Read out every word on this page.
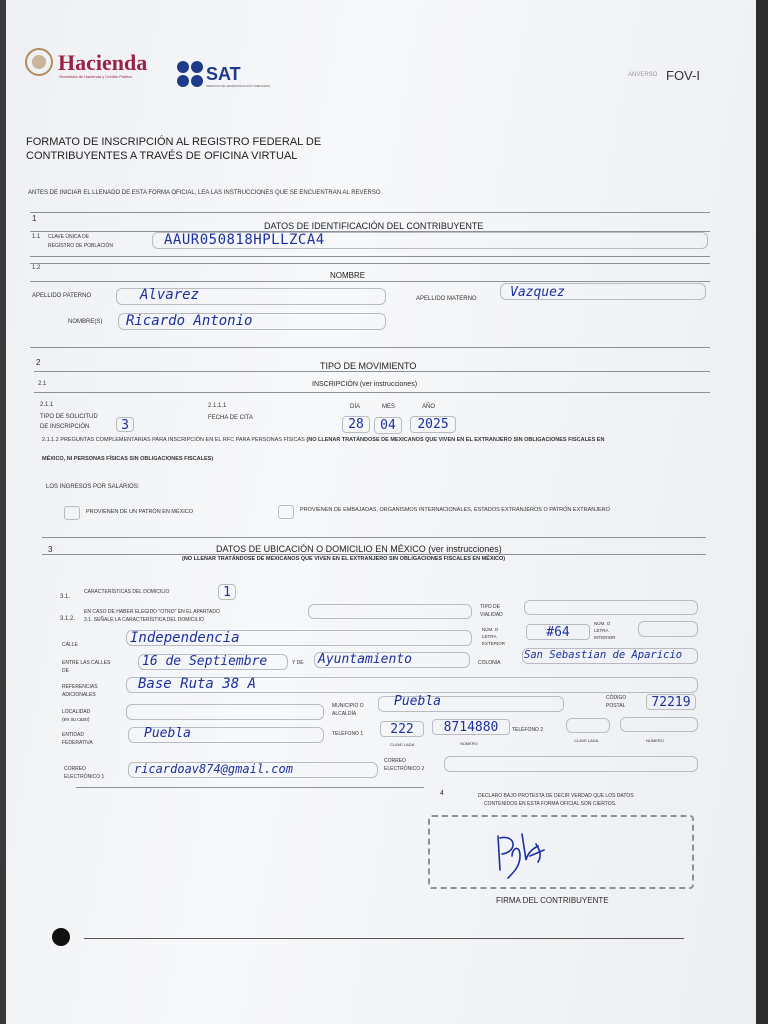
Hacienda
Secretaría de Hacienda y Crédito Público	SAT
SERVICIO DE ADMINISTRACIÓN TRIBUTARIA
ANVERSO FOV-I
FORMATO DE INSCRIPCIÓN AL REGISTRO FEDERAL DE
CONTRIBUYENTES A TRAVÉS DE OFICINA VIRTUAL
ANTES DE INICIAR EL LLENADO DE ESTA FORMA OFICIAL, LEA LAS INSTRUCCIONES QUE SE ENCUENTRAN AL REVERSO
1
DATOS DE IDENTIFICACIÓN DEL CONTRIBUYENTE
1.1 CLAVE ÚNICA DE
REGISTRO DE POBLACIÓN	AAUR050818HPLLZCA4
1.2
NOMBRE
APELLIDO PATERNO	Alvarez	APELLIDO MATERNO	Vazquez
NOMBRE(S) Ricardo Antonio
2	TIPO DE MOVIMIENTO
2.1	INSCRIPCIÓN (ver instrucciones)
2.1.1
TIPO DE SOLICITUD
DE INSCRIPCIÓN	3
2.1.1.1
FECHA DE CITA
DÍA	MES	AÑO
28	04	2025
2.1.1.2 PREGUNTAS COMPLEMENTARIAS PARA INSCRIPCIÓN EN EL RFC PARA PERSONAS FÍSICAS (NO LLENAR TRATÁNDOSE DE MEXICANOS QUE VIVEN EN EL EXTRANJERO SIN OBLIGACIONES FISCALES EN
MÉXICO, NI PERSONAS FÍSICAS SIN OBLIGACIONES FISCALES)
LOS INGRESOS POR SALARIOS:
PROVIENEN DE UN PATRÓN EN MÉXICO	PROVIENEN DE EMBAJADAS, ORGANISMOS INTERNACIONALES, ESTADOS EXTRANJEROS O PATRÓN EXTRANJERO
3	DATOS DE UBICACIÓN O DOMICILIO EN MÉXICO (ver instrucciones)
(NO LLENAR TRATÁNDOSE DE MEXICANOS QUE VIVEN EN EL EXTRANJERO SIN OBLIGACIONES FISCALES EN MÉXICO)
3.1.
CARACTERÍSTICAS DEL DOMICILIO	1
3.1.2.
EN CASO DE HABER ELEGIDO "OTRO" EN EL APARTADO
3.1. SEÑALE LA CARACTERÍSTICA DEL DOMICILIO
TIPO DE
VIALIDAD
CALLE	Independencia
NÚM. O
LETRA
EXTERIOR
#64
NÚM. O
LETRA
INTERIOR
ENTRE LAS CALLES
DE
16 de Septiembre	Y DE Ayuntamiento	COLONIA
San Sebastian de Aparicio
REFERENCIAS
ADICIONALES
Base Ruta 38 A
LOCALIDAD
(en su caso)
MUNICIPIO O
ALCALDÍA
Puebla	CÓDIGO
POSTAL	72219
ENTIDAD
FEDERATIVA
Puebla	TELÉFONO 1	222	8714880
CLAVE LADA	NÚMERO
TELÉFONO 2
CLAVE LADA	NÚMERO
CORREO
ELECTRÓNICO 1
ricardoav874@gmail.com
CORREO
ELECTRÓNICO 2
4	DECLARO BAJO PROTESTA DE DECIR VERDAD QUE LOS DATOS
CONTENIDOS EN ESTA FORMA OFICIAL SON CIERTOS.
FIRMA DEL CONTRIBUYENTE
